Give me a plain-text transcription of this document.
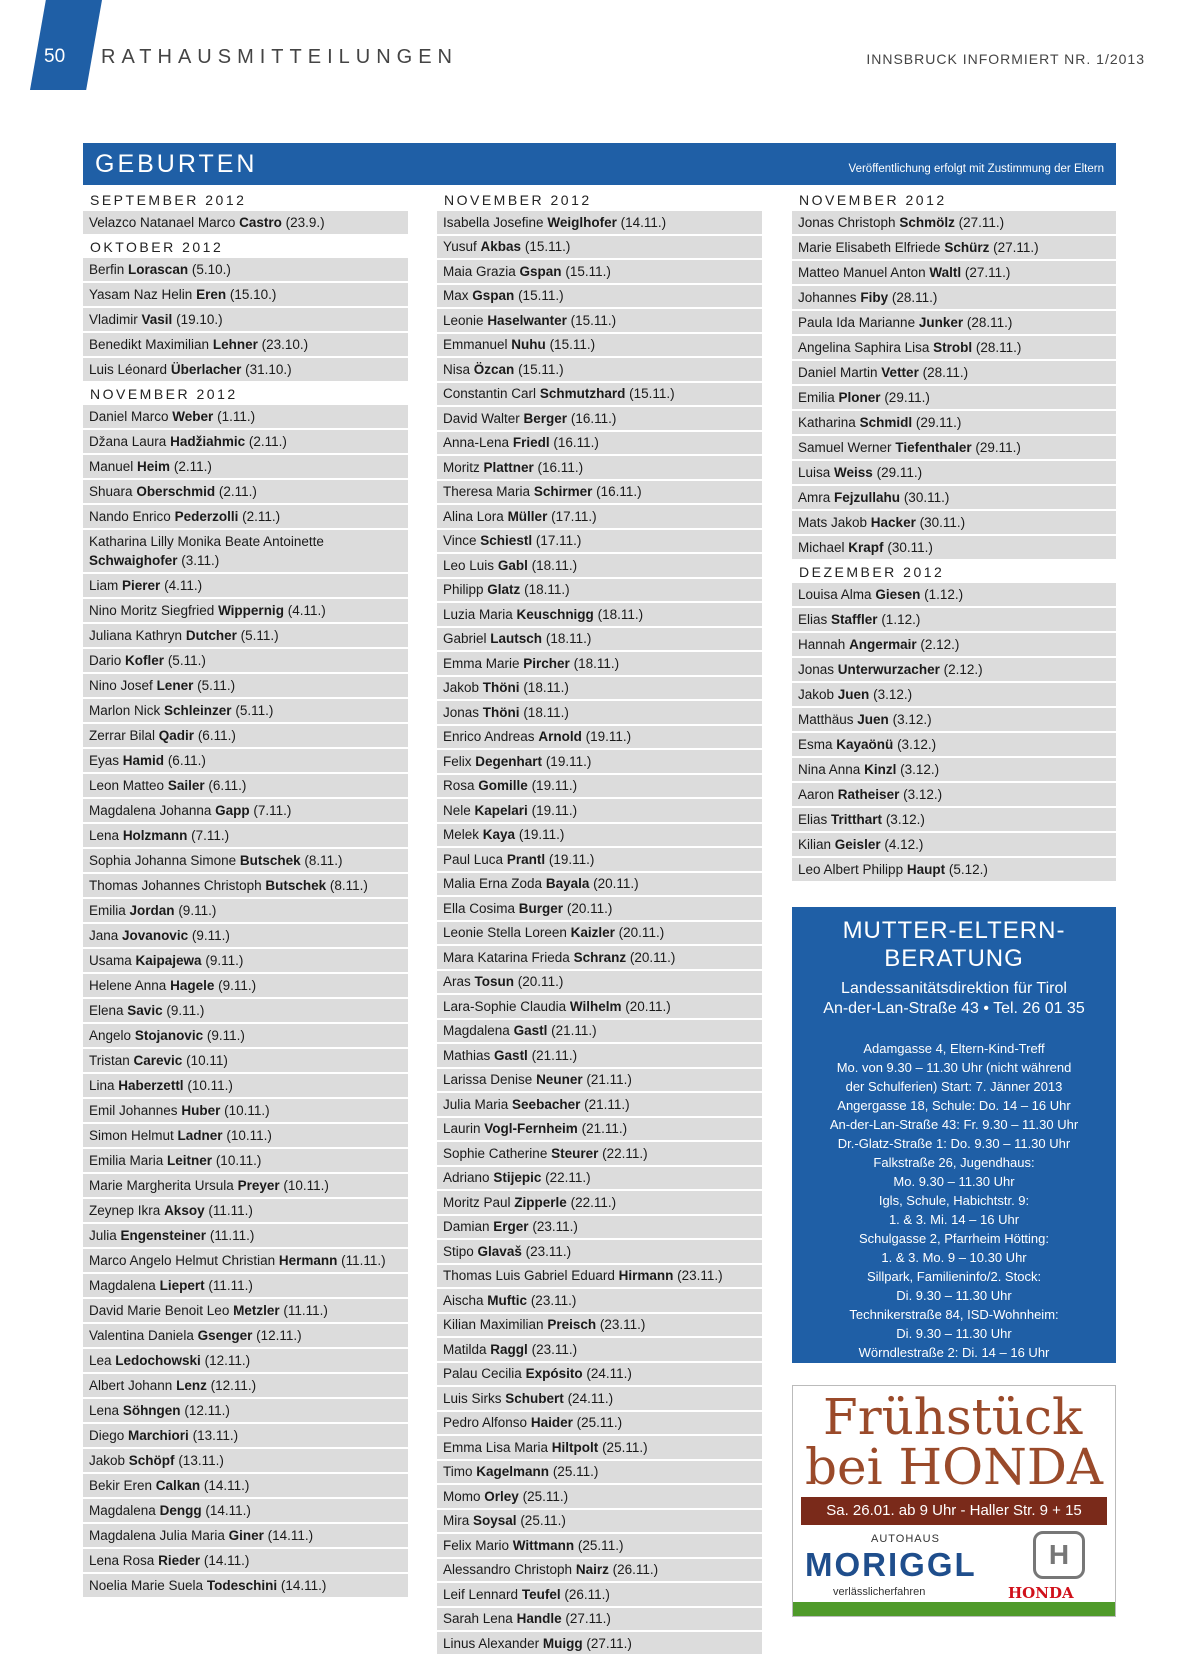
50 RATHAUSMITTEILUNGEN	INNSBRUCK INFORMIERT NR. 1/2013
GEBURTEN	Veröffentlichung erfolgt mit Zustimmung der Eltern
SEPTEMBER 2012
Velazco Natanael Marco Castro (23.9.)
OKTOBER 2012
Berfin Lorascan (5.10.)
Yasam Naz Helin Eren (15.10.)
Vladimir Vasil (19.10.)
Benedikt Maximilian Lehner (23.10.)
Luis Léonard Überlacher (31.10.)
NOVEMBER 2012
Daniel Marco Weber (1.11.)
Džana Laura Hadžiahmic (2.11.)
Manuel Heim (2.11.)
Shuara Oberschmid (2.11.)
Nando Enrico Pederzolli (2.11.)
Katharina Lilly Monika Beate Antoinette Schwaighofer (3.11.)
Liam Pierer (4.11.)
Nino Moritz Siegfried Wippernig (4.11.)
Juliana Kathryn Dutcher (5.11.)
Dario Kofler (5.11.)
Nino Josef Lener (5.11.)
Marlon Nick Schleinzer (5.11.)
Zerrar Bilal Qadir (6.11.)
Eyas Hamid (6.11.)
Leon Matteo Sailer (6.11.)
Magdalena Johanna Gapp (7.11.)
Lena Holzmann (7.11.)
Sophia Johanna Simone Butschek (8.11.)
Thomas Johannes Christoph Butschek (8.11.)
Emilia Jordan (9.11.)
Jana Jovanovic (9.11.)
Usama Kaipajewa (9.11.)
Helene Anna Hagele (9.11.)
Elena Savic (9.11.)
Angelo Stojanovic (9.11.)
Tristan Carevic (10.11)
Lina Haberzettl (10.11.)
Emil Johannes Huber (10.11.)
Simon Helmut Ladner (10.11.)
Emilia Maria Leitner (10.11.)
Marie Margherita Ursula Preyer (10.11.)
Zeynep Ikra Aksoy (11.11.)
Julia Engensteiner (11.11.)
Marco Angelo Helmut Christian Hermann (11.11.)
Magdalena Liepert (11.11.)
David Marie Benoit Leo Metzler (11.11.)
Valentina Daniela Gsenger (12.11.)
Lea Ledochowski (12.11.)
Albert Johann Lenz (12.11.)
Lena Söhngen (12.11.)
Diego Marchiori (13.11.)
Jakob Schöpf (13.11.)
Bekir Eren Calkan (14.11.)
Magdalena Dengg (14.11.)
Magdalena Julia Maria Giner (14.11.)
Lena Rosa Rieder (14.11.)
Noelia Marie Suela Todeschini (14.11.)
NOVEMBER 2012
Isabella Josefine Weiglhofer (14.11.)
Yusuf Akbas (15.11.)
Maia Grazia Gspan (15.11.)
Max Gspan (15.11.)
Leonie Haselwanter (15.11.)
Emmanuel Nuhu (15.11.)
Nisa Özcan (15.11.)
Constantin Carl Schmutzhard (15.11.)
David Walter Berger (16.11.)
Anna-Lena Friedl (16.11.)
Moritz Plattner (16.11.)
Theresa Maria Schirmer (16.11.)
Alina Lora Müller (17.11.)
Vince Schiestl (17.11.)
Leo Luis Gabl (18.11.)
Philipp Glatz (18.11.)
Luzia Maria Keuschnigg (18.11.)
Gabriel Lautsch (18.11.)
Emma Marie Pircher (18.11.)
Jakob Thöni (18.11.)
Jonas Thöni (18.11.)
Enrico Andreas Arnold (19.11.)
Felix Degenhart (19.11.)
Rosa Gomille (19.11.)
Nele Kapelari (19.11.)
Melek Kaya (19.11.)
Paul Luca Prantl (19.11.)
Malia Erna Zoda Bayala (20.11.)
Ella Cosima Burger (20.11.)
Leonie Stella Loreen Kaizler (20.11.)
Mara Katarina Frieda Schranz (20.11.)
Aras Tosun (20.11.)
Lara-Sophie Claudia Wilhelm (20.11.)
Magdalena Gastl (21.11.)
Mathias Gastl (21.11.)
Larissa Denise Neuner (21.11.)
Julia Maria Seebacher (21.11.)
Laurin Vogl-Fernheim (21.11.)
Sophie Catherine Steurer (22.11.)
Adriano Stijepic (22.11.)
Moritz Paul Zipperle (22.11.)
Damian Erger (23.11.)
Stipo Glavaš (23.11.)
Thomas Luis Gabriel Eduard Hirmann (23.11.)
Aischa Muftic (23.11.)
Kilian Maximilian Preisch (23.11.)
Matilda Raggl (23.11.)
Palau Cecilia Expósito (24.11.)
Luis Sirks Schubert (24.11.)
Pedro Alfonso Haider (25.11.)
Emma Lisa Maria Hiltpolt (25.11.)
Timo Kagelmann (25.11.)
Momo Orley (25.11.)
Mira Soysal (25.11.)
Felix Mario Wittmann (25.11.)
Alessandro Christoph Nairz (26.11.)
Leif Lennard Teufel (26.11.)
Sarah Lena Handle (27.11.)
Linus Alexander Muigg (27.11.)
NOVEMBER 2012
Jonas Christoph Schmölz (27.11.)
Marie Elisabeth Elfriede Schürz (27.11.)
Matteo Manuel Anton Waltl (27.11.)
Johannes Fiby (28.11.)
Paula Ida Marianne Junker (28.11.)
Angelina Saphira Lisa Strobl (28.11.)
Daniel Martin Vetter (28.11.)
Emilia Ploner (29.11.)
Katharina Schmidl (29.11.)
Samuel Werner Tiefenthaler (29.11.)
Luisa Weiss (29.11.)
Amra Fejzullahu (30.11.)
Mats Jakob Hacker (30.11.)
Michael Krapf (30.11.)
DEZEMBER 2012
Louisa Alma Giesen (1.12.)
Elias Staffler (1.12.)
Hannah Angermair (2.12.)
Jonas Unterwurzacher (2.12.)
Jakob Juen (3.12.)
Matthäus Juen (3.12.)
Esma Kayaönü (3.12.)
Nina Anna Kinzl (3.12.)
Aaron Ratheiser (3.12.)
Elias Tritthart (3.12.)
Kilian Geisler (4.12.)
Leo Albert Philipp Haupt (5.12.)
MUTTER-ELTERN-
BERATUNG
Landessanitätsdirektion für Tirol
An-der-Lan-Straße 43 • Tel. 26 01 35
Adamgasse 4, Eltern-Kind-Treff
Mo. von 9.30 – 11.30 Uhr (nicht während
der Schulferien) Start: 7. Jänner 2013
Angergasse 18, Schule: Do. 14 – 16 Uhr
An-der-Lan-Straße 43: Fr. 9.30 – 11.30 Uhr
Dr.-Glatz-Straße 1: Do. 9.30 – 11.30 Uhr
Falkstraße 26, Jugendhaus:
Mo. 9.30 – 11.30 Uhr
Igls, Schule, Habichtstr. 9:
1. & 3. Mi. 14 – 16 Uhr
Schulgasse 2, Pfarrheim Hötting:
1. & 3. Mo. 9 – 10.30 Uhr
Sillpark, Familieninfo/2. Stock:
Di. 9.30 – 11.30 Uhr
Technikerstraße 84, ISD-Wohnheim:
Di. 9.30 – 11.30 Uhr
Wörndlestraße 2: Di. 14 – 16 Uhr
Frühstück
bei HONDA
Sa. 26.01. ab 9 Uhr - Haller Str. 9 + 15
AUTOHAUS
MORIGGL
verlässlicherfahren
H
HONDA
